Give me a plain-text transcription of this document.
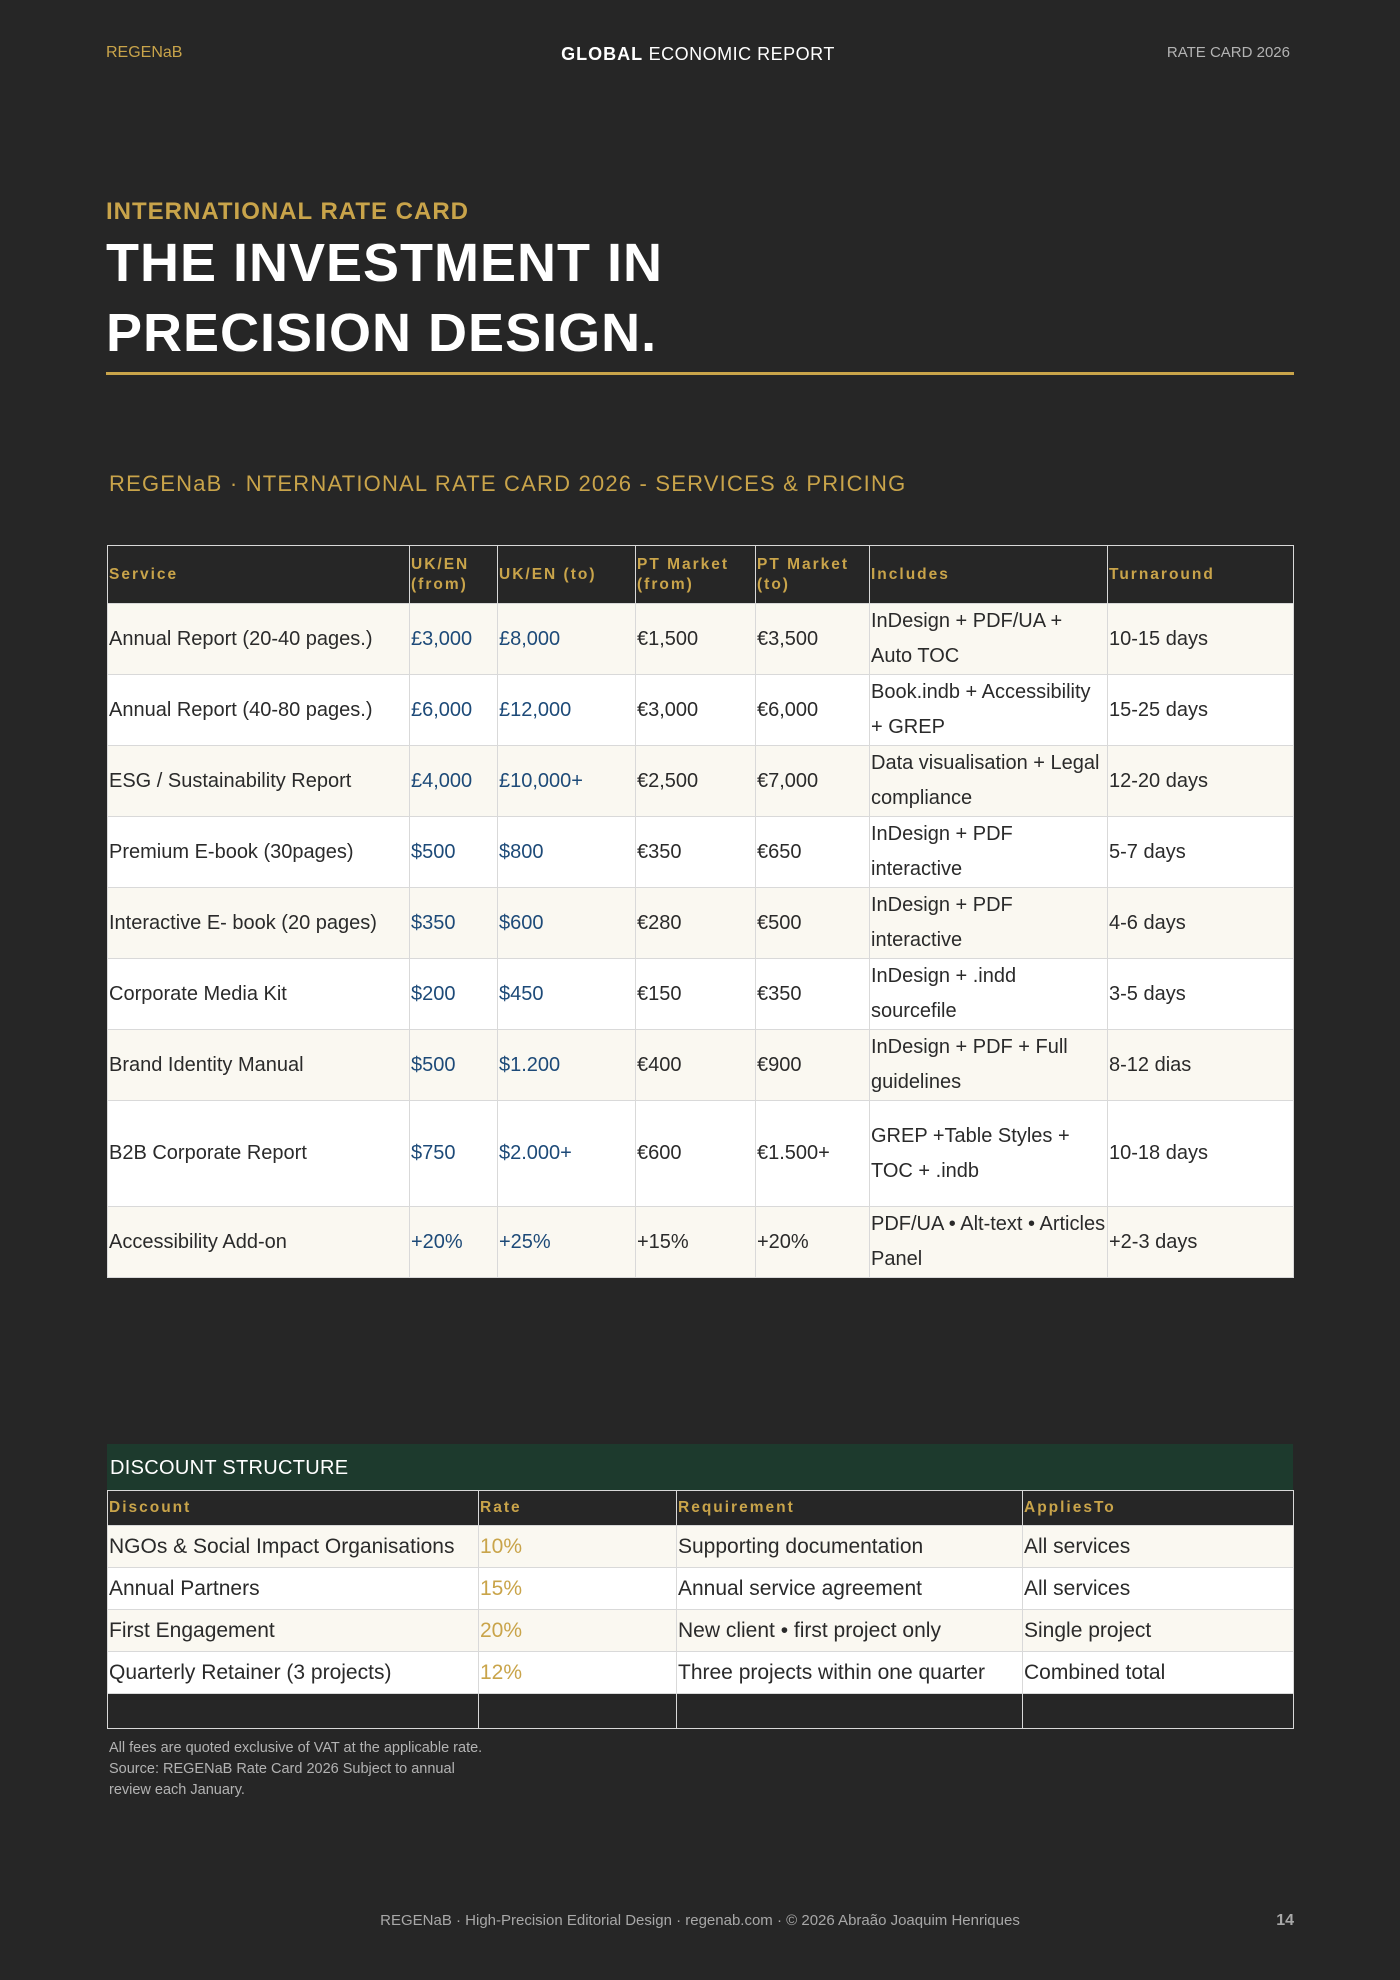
REGENaB	GLOBAL ECONOMIC REPORT	RATE CARD 2026
INTERNATIONAL RATE CARD
THE INVESTMENT IN
PRECISION DESIGN.
REGENaB · NTERNATIONAL RATE CARD 2026 - SERVICES & PRICING
Service	UK/EN (from)	UK/EN (to)	PT Market (from)	PT Market (to)	Includes	Turnaround
Annual Report (20-40 pages.)	£3,000	£8,000	€1,500	€3,500	InDesign + PDF/UA + Auto TOC	10-15 days
Annual Report (40-80 pages.)	£6,000	£12,000	€3,000	€6,000	Book.indb + Accessibility + GREP	15-25 days
ESG / Sustainability Report	£4,000	£10,000+	€2,500	€7,000	Data visualisation + Legal compliance	12-20 days
Premium E-book (30pages)	$500	$800	€350	€650	InDesign + PDF interactive	5-7 days
Interactive E- book (20 pages)	$350	$600	€280	€500	InDesign + PDF interactive	4-6 days
Corporate Media Kit	$200	$450	€150	€350	InDesign + .indd sourcefile	3-5 days
Brand Identity Manual	$500	$1.200	€400	€900	InDesign + PDF + Full guidelines	8-12 dias
B2B Corporate Report	$750	$2.000+	€600	€1.500+	GREP +Table Styles + TOC + .indb	10-18 days
Accessibility Add-on	+20%	+25%	+15%	+20%	PDF/UA • Alt-text • Articles Panel	+2-3 days
DISCOUNT STRUCTURE
Discount	Rate	Requirement	AppliesTo
NGOs & Social Impact Organisations	10%	Supporting documentation	All services
Annual Partners	15%	Annual service agreement	All services
First Engagement	20%	New client • first project only	Single project
Quarterly Retainer (3 projects)	12%	Three projects within one quarter	Combined total

All fees are quoted exclusive of VAT at the applicable rate. Source: REGENaB Rate Card 2026 Subject to annual review each January.
REGENaB · High-Precision Editorial Design · regenab.com · © 2026 Abraão Joaquim Henriques	14
